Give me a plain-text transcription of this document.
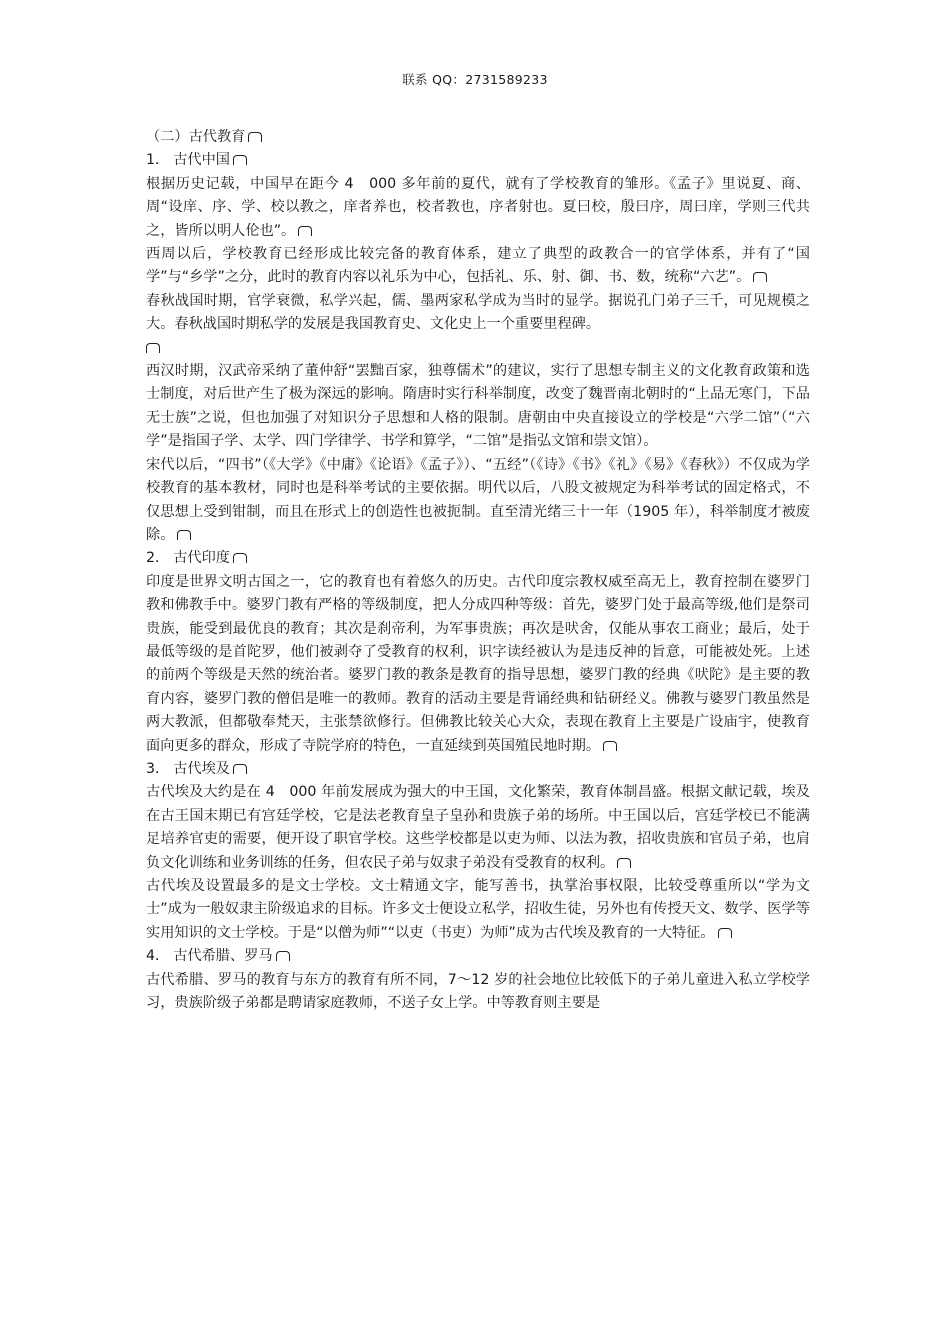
联系 QQ：2731589233

（二）古代教育

1． 古代中国

根据历史记载，中国早在距今 4　000 多年前的夏代，就有了学校教育的雏形。《孟子》里说夏、商、周“设庠、序、学、校以教之，庠者养也，校者教也，序者射也。夏曰校，殷曰序，周曰庠，学则三代共之，皆所以明人伦也”。

西周以后，学校教育已经形成比较完备的教育体系，建立了典型的政教合一的官学体系，并有了“国学”与“乡学”之分，此时的教育内容以礼乐为中心，包括礼、乐、射、御、书、数，统称“六艺”。

春秋战国时期，官学衰微，私学兴起，儒、墨两家私学成为当时的显学。据说孔门弟子三千，可见规模之大。春秋战国时期私学的发展是我国教育史、文化史上一个重要里程碑。

西汉时期，汉武帝采纳了董仲舒“罢黜百家，独尊儒术”的建议，实行了思想专制主义的文化教育政策和选士制度，对后世产生了极为深远的影响。隋唐时实行科举制度，改变了魏晋南北朝时的“上品无寒门，下品无士族”之说，但也加强了对知识分子思想和人格的限制。唐朝由中央直接设立的学校是“六学二馆”（“六学”是指国子学、太学、四门学律学、书学和算学，“二馆”是指弘文馆和崇文馆）。

宋代以后，“四书”（《大学》《中庸》《论语》《孟子》）、“五经”（《诗》《书》《礼》《易》《春秋》）不仅成为学校教育的基本教材，同时也是科举考试的主要依据。明代以后，八股文被规定为科举考试的固定格式，不仅思想上受到钳制，而且在形式上的创造性也被扼制。直至清光绪三十一年（1905 年），科举制度才被废除。

2． 古代印度

印度是世界文明古国之一，它的教育也有着悠久的历史。古代印度宗教权威至高无上，教育控制在婆罗门教和佛教手中。婆罗门教有严格的等级制度，把人分成四种等级：首先，婆罗门处于最高等级,他们是祭司贵族，能受到最优良的教育；其次是刹帝利，为军事贵族；再次是吠舍，仅能从事农工商业；最后，处于最低等级的是首陀罗，他们被剥夺了受教育的权利，识字读经被认为是违反神的旨意，可能被处死。上述的前两个等级是天然的统治者。婆罗门教的教条是教育的指导思想，婆罗门教的经典《吠陀》是主要的教育内容，婆罗门教的僧侣是唯一的教师。教育的活动主要是背诵经典和钻研经义。佛教与婆罗门教虽然是两大教派，但都敬奉梵天，主张禁欲修行。但佛教比较关心大众，表现在教育上主要是广设庙宇，使教育面向更多的群众，形成了寺院学府的特色，一直延续到英国殖民地时期。

3． 古代埃及

古代埃及大约是在 4　000 年前发展成为强大的中王国，文化繁荣，教育体制昌盛。根据文献记载，埃及在古王国末期已有宫廷学校，它是法老教育皇子皇孙和贵族子弟的场所。中王国以后，宫廷学校已不能满足培养官吏的需要，便开设了职官学校。这些学校都是以吏为师、以法为教，招收贵族和官员子弟，也肩负文化训练和业务训练的任务，但农民子弟与奴隶子弟没有受教育的权利。

古代埃及设置最多的是文士学校。文士精通文字，能写善书，执掌治事权限，比较受尊重所以“学为文士”成为一般奴隶主阶级追求的目标。许多文士便设立私学，招收生徒，另外也有传授天文、数学、医学等实用知识的文士学校。于是“以僧为师”“以吏（书吏）为师”成为古代埃及教育的一大特征。

4． 古代希腊、罗马

古代希腊、罗马的教育与东方的教育有所不同，7～12 岁的社会地位比较低下的子弟儿童进入私立学校学习，贵族阶级子弟都是聘请家庭教师，不送子女上学。中等教育则主要是
